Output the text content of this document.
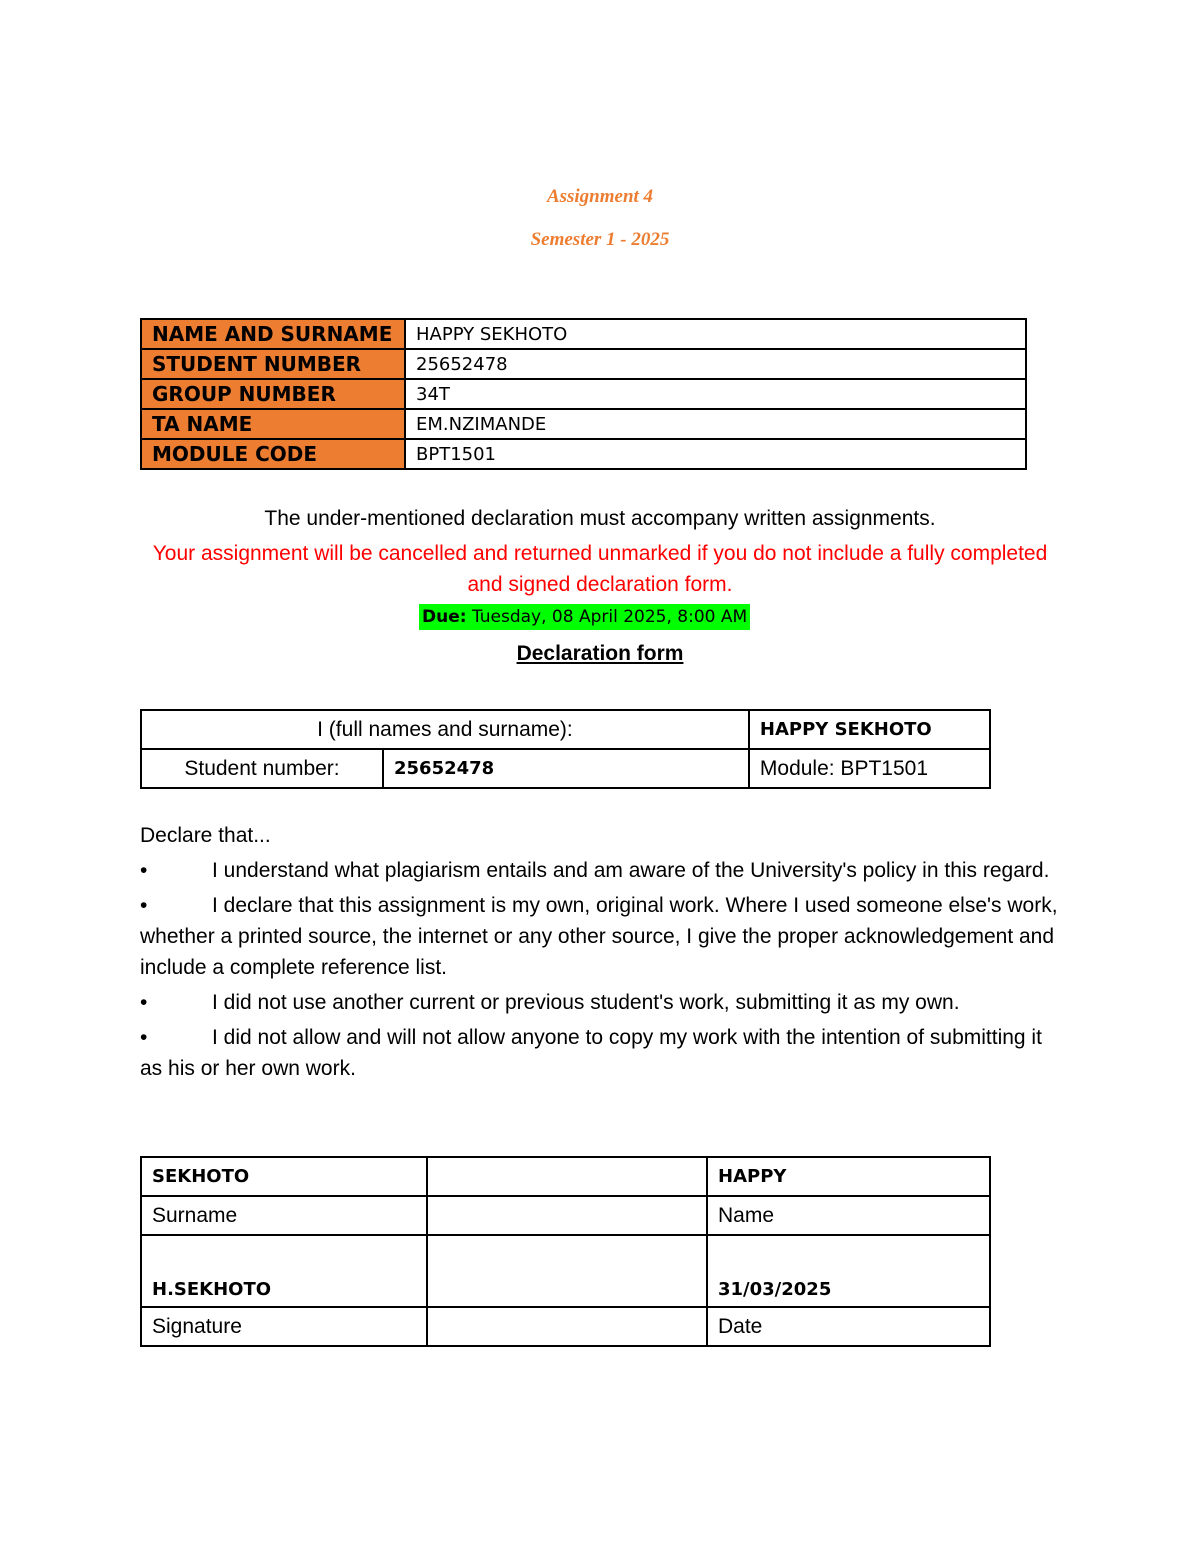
Assignment 4
Semester 1 - 2025
NAME AND SURNAME	HAPPY SEKHOTO
STUDENT NUMBER	25652478
GROUP NUMBER	34T
TA NAME	EM.NZIMANDE
MODULE CODE	BPT1501
The under-mentioned declaration must accompany written assignments.
Your assignment will be cancelled and returned unmarked if you do not include a fully completed and signed declaration form.
Due: Tuesday, 08 April 2025, 8:00 AM
Declaration form
I (full names and surname):		HAPPY SEKHOTO
Student number:	25652478	Module: BPT1501

Declare that...

•	I understand what plagiarism entails and am aware of the University's policy in this regard.

•	I declare that this assignment is my own, original work. Where I used someone else's work, whether a printed source, the internet or any other source, I give the proper acknowledgement and include a complete reference list.

•	I did not use another current or previous student's work, submitting it as my own.

•	I did not allow and will not allow anyone to copy my work with the intention of submitting it as his or her own work.

SEKHOTO		HAPPY
Surname		Name
H.SEKHOTO		31/03/2025
Signature		Date
